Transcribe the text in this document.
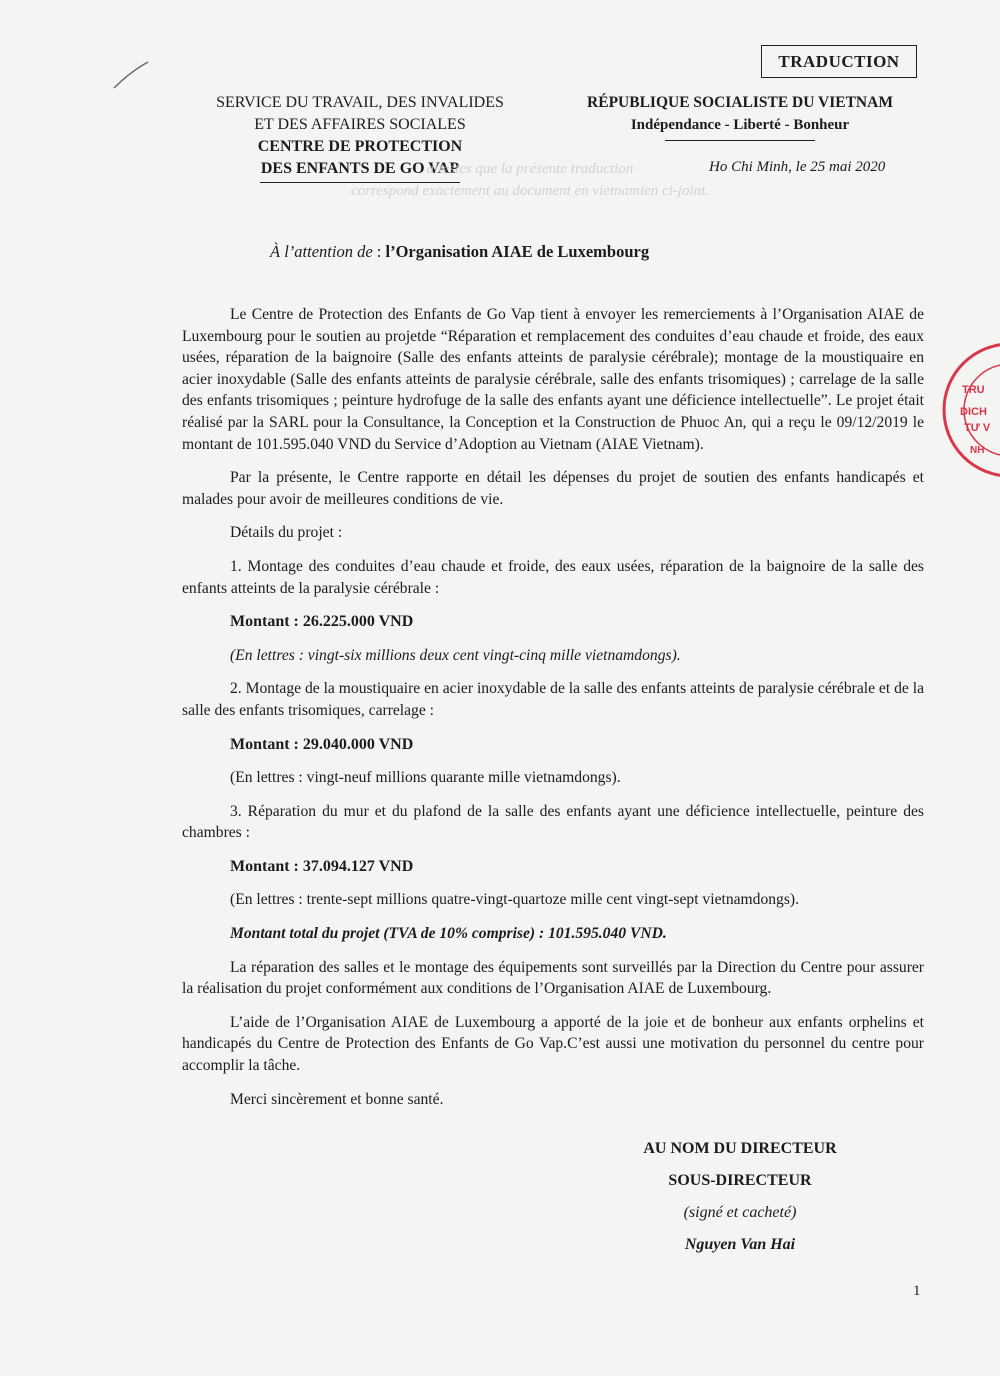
TRADUCTION
SERVICE DU TRAVAIL, DES INVALIDES
ET DES AFFAIRES SOCIALES
CENTRE DE PROTECTION
DES ENFANTS DE GO VAP
RÉPUBLIQUE SOCIALISTE DU VIETNAM
Indépendance - Liberté - Bonheur
Ho Chi Minh, le 25 mai 2020
attestes que la présente traduction
correspond exactement au document en vietnamien ci-joint.
À l’attention de : l’Organisation AIAE de Luxembourg

Le Centre de Protection des Enfants de Go Vap tient à envoyer les remerciements à l’Organisation AIAE de Luxembourg pour le soutien au projetde “Réparation et remplacement des conduites d’eau chaude et froide, des eaux usées, réparation de la baignoire (Salle des enfants atteints de paralysie cérébrale); montage de la moustiquaire en acier inoxydable (Salle des enfants atteints de paralysie cérébrale, salle des enfants trisomiques) ; carrelage de la salle des enfants trisomiques ; peinture hydrofuge de la salle des enfants ayant une déficience intellectuelle”. Le projet était réalisé par la SARL pour la Consultance, la Conception et la Construction de Phuoc An, qui a reçu le 09/12/2019 le montant de 101.595.040 VND du Service d’Adoption au Vietnam (AIAE Vietnam).

Par la présente, le Centre rapporte en détail les dépenses du projet de soutien des enfants handicapés et malades pour avoir de meilleures conditions de vie.

Détails du projet :

1. Montage des conduites d’eau chaude et froide, des eaux usées, réparation de la baignoire de la salle des enfants atteints de la paralysie cérébrale :

Montant : 26.225.000 VND

(En lettres : vingt-six millions deux cent vingt-cinq mille vietnamdongs).

2. Montage de la moustiquaire en acier inoxydable de la salle des enfants atteints de paralysie cérébrale et de la salle des enfants trisomiques, carrelage :

Montant : 29.040.000 VND

(En lettres : vingt-neuf millions quarante mille vietnamdongs).

3. Réparation du mur et du plafond de la salle des enfants ayant une déficience intellectuelle, peinture des chambres :

Montant : 37.094.127 VND

(En lettres : trente-sept millions quatre-vingt-quartoze mille cent vingt-sept vietnamdongs).

Montant total du projet (TVA de 10% comprise) : 101.595.040 VND.

La réparation des salles et le montage des équipements sont surveillés par la Direction du Centre pour assurer la réalisation du projet conformément aux conditions de l’Organisation AIAE de Luxembourg.

L’aide de l’Organisation AIAE de Luxembourg a apporté de la joie et de bonheur aux enfants orphelins et handicapés du Centre de Protection des Enfants de Go Vap.C’est aussi une motivation du personnel du centre pour accomplir la tâche.

Merci sincèrement et bonne santé.

AU NOM DU DIRECTEUR
SOUS-DIRECTEUR
(signé et cacheté)
Nguyen Van Hai
1
TRU
DICH
TƯ V
NH
